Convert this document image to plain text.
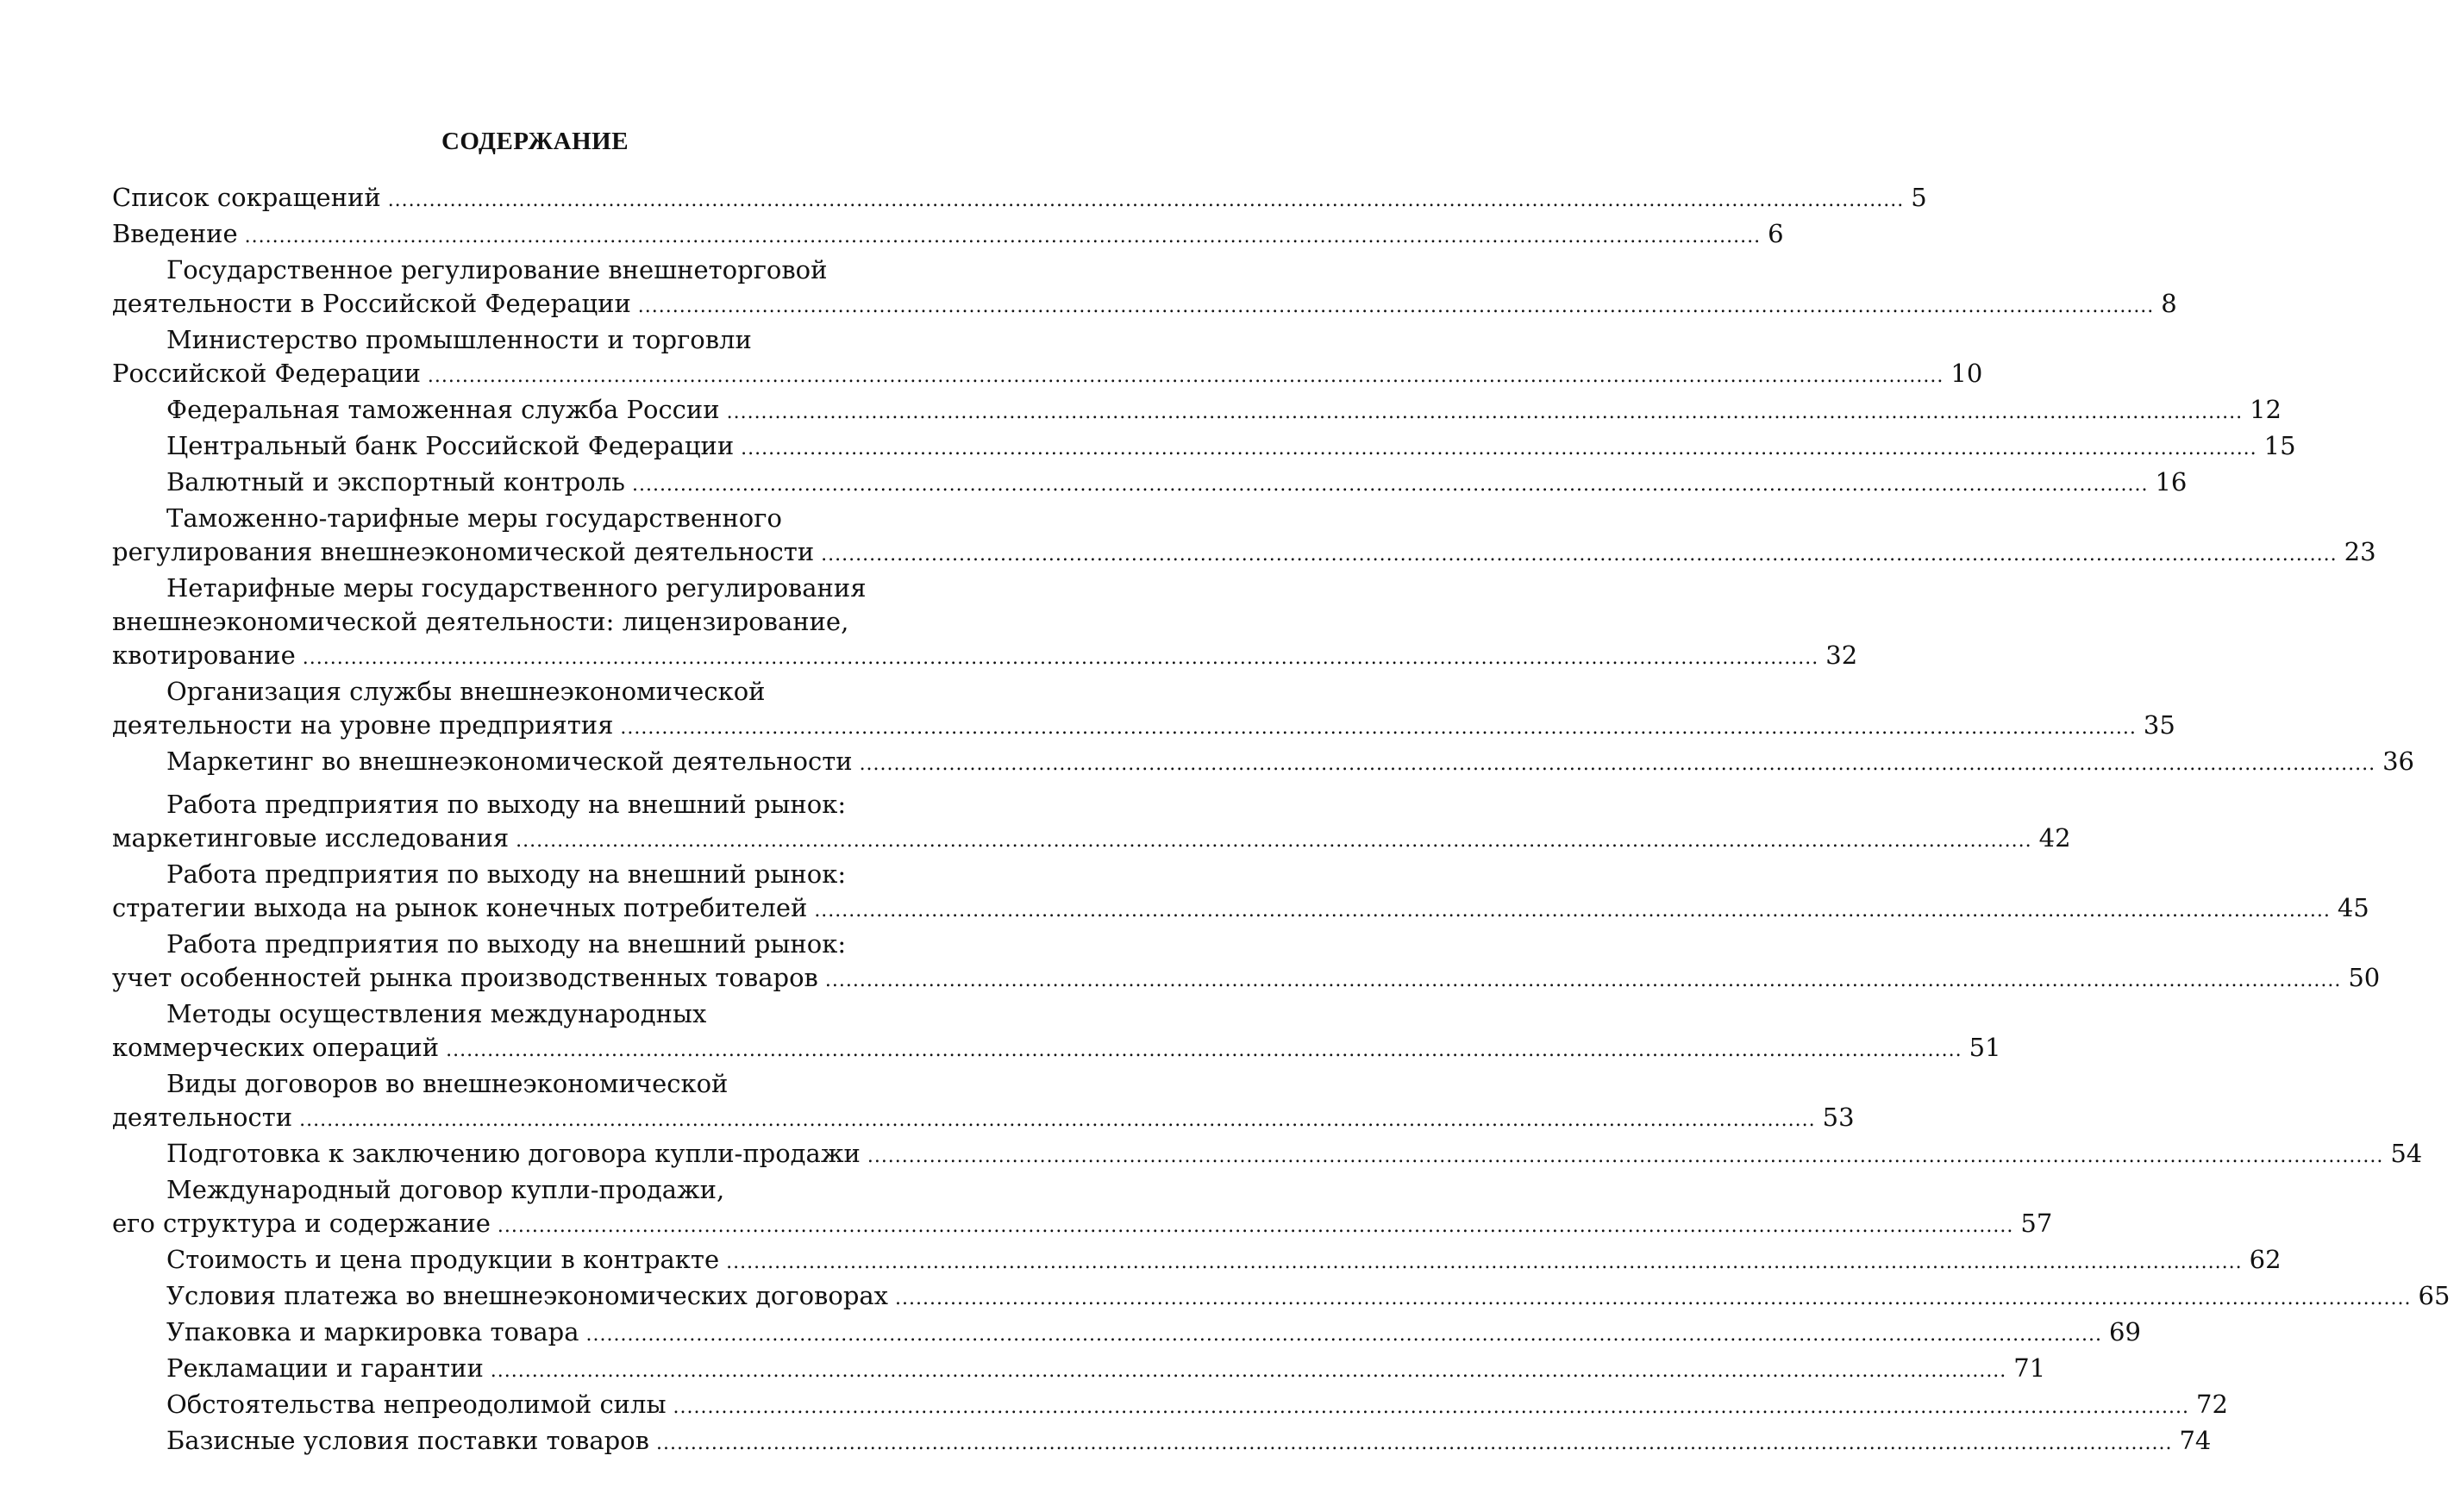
СОДЕРЖАНИЕ
Список сокращений .....	5
Введение .....	6
Государственное регулирование внешнеторговой
деятельности в Российской Федерации .....	8
Министерство промышленности и торговли
Российской Федерации .....	10
Федеральная таможенная служба России .....	12
Центральный банк Российской Федерации .....	15
Валютный и экспортный контроль .....	16
Таможенно-тарифные меры государственного
регулирования внешнеэкономической деятельности .....	23
Нетарифные меры государственного регулирования
внешнеэкономической деятельности: лицензирование,
квотирование .....	32
Организация службы внешнеэкономической
деятельности на уровне предприятия .....	35
Маркетинг во внешнеэкономической деятельности .....	36
Работа предприятия по выходу на внешний рынок:
маркетинговые исследования .....	42
Работа предприятия по выходу на внешний рынок:
стратегии выхода на рынок конечных потребителей .....	45
Работа предприятия по выходу на внешний рынок:
учет особенностей рынка производственных товаров .....	50
Методы осуществления международных
коммерческих операций .....	51
Виды договоров во внешнеэкономической
деятельности .....	53
Подготовка к заключению договора купли-продажи .....	54
Международный договор купли-продажи,
его структура и содержание .....	57
Стоимость и цена продукции в контракте .....	62
Условия платежа во внешнеэкономических договорах .....	65
Упаковка и маркировка товара .....	69
Рекламации и гарантии .....	71
Обстоятельства непреодолимой силы .....	72
Базисные условия поставки товаров .....	74
